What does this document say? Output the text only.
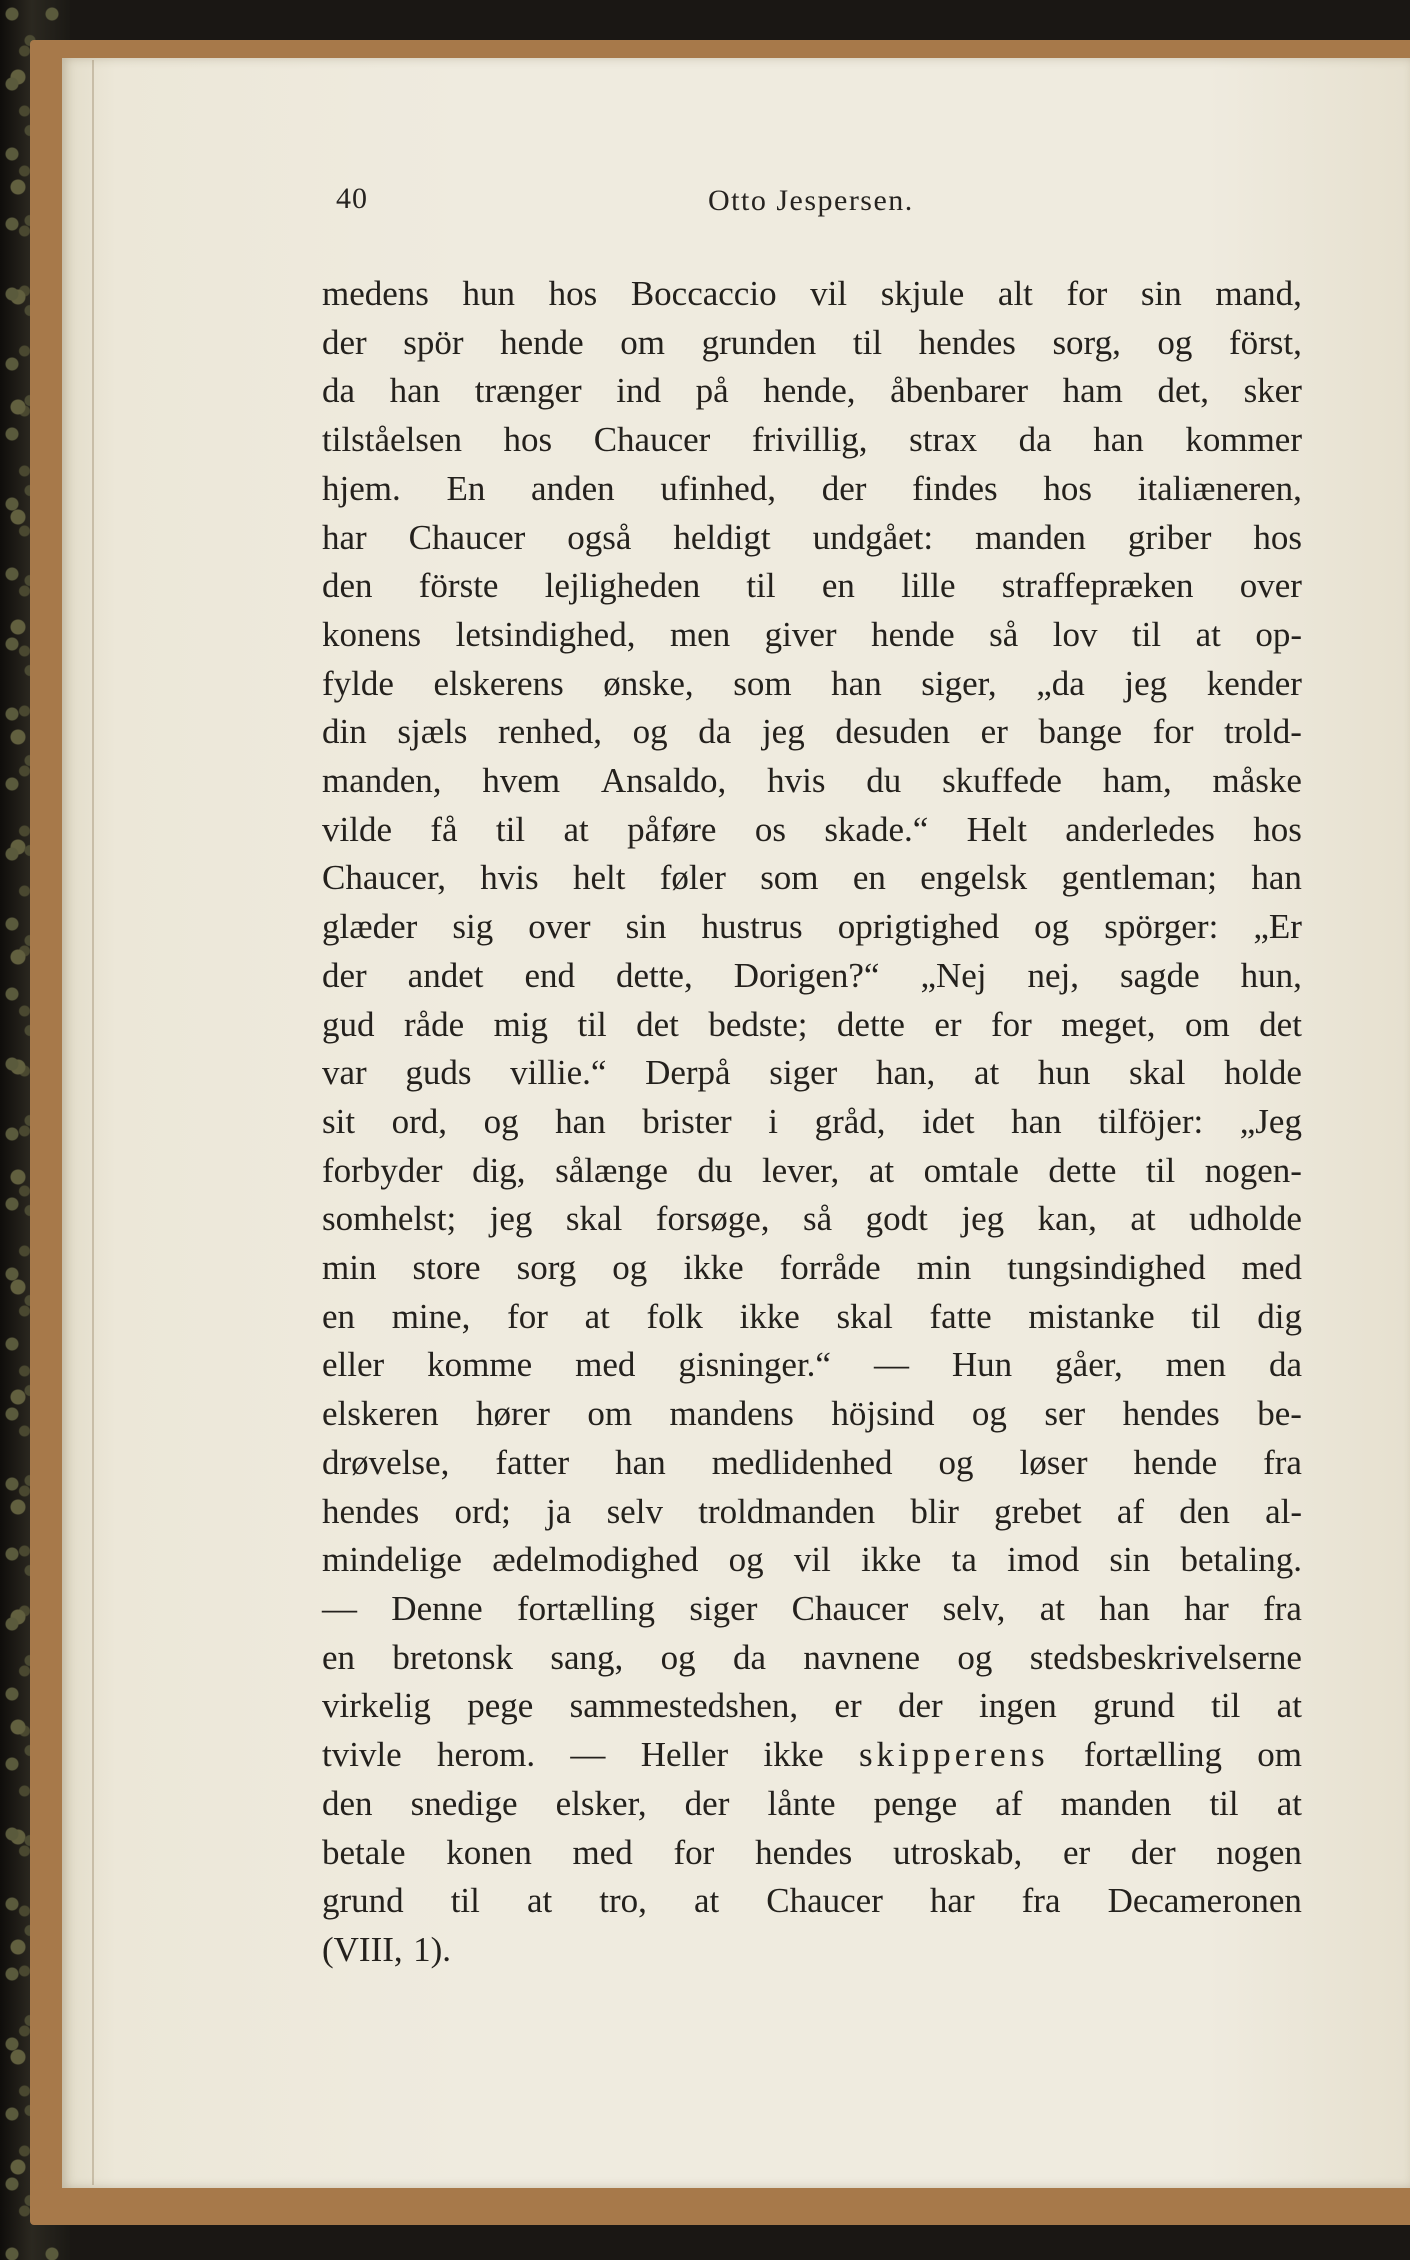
40	Otto Jespersen.
medens hun hos Boccaccio vil skjule alt for sin mand,
der spör hende om grunden til hendes sorg, og först,
da han trænger ind på hende, åbenbarer ham det, sker
tilståelsen hos Chaucer frivillig, strax da han kommer
hjem. En anden ufinhed, der findes hos italiæneren,
har Chaucer også heldigt undgået: manden griber hos
den förste lejligheden til en lille straffepræken over
konens letsindighed, men giver hende så lov til at op-
fylde elskerens ønske, som han siger, „da jeg kender
din sjæls renhed, og da jeg desuden er bange for trold-
manden, hvem Ansaldo, hvis du skuffede ham, måske
vilde få til at påføre os skade.“ Helt anderledes hos
Chaucer, hvis helt føler som en engelsk gentleman; han
glæder sig over sin hustrus oprigtighed og spörger: „Er
der andet end dette, Dorigen?“ „Nej nej, sagde hun,
gud råde mig til det bedste; dette er for meget, om det
var guds villie.“ Derpå siger han, at hun skal holde
sit ord, og han brister i gråd, idet han tilföjer: „Jeg
forbyder dig, sålænge du lever, at omtale dette til nogen-
somhelst; jeg skal forsøge, så godt jeg kan, at udholde
min store sorg og ikke forråde min tungsindighed med
en mine, for at folk ikke skal fatte mistanke til dig
eller komme med gisninger.“ — Hun gåer, men da
elskeren hører om mandens höjsind og ser hendes be-
drøvelse, fatter han medlidenhed og løser hende fra
hendes ord; ja selv troldmanden blir grebet af den al-
mindelige ædelmodighed og vil ikke ta imod sin betaling.
— Denne fortælling siger Chaucer selv, at han har fra
en bretonsk sang, og da navnene og stedsbeskrivelserne
virkelig pege sammestedshen, er der ingen grund til at
tvivle herom. — Heller ikke skipperens fortælling om
den snedige elsker, der lånte penge af manden til at
betale konen med for hendes utroskab, er der nogen
grund til at tro, at Chaucer har fra Decameronen
(VIII, 1).
